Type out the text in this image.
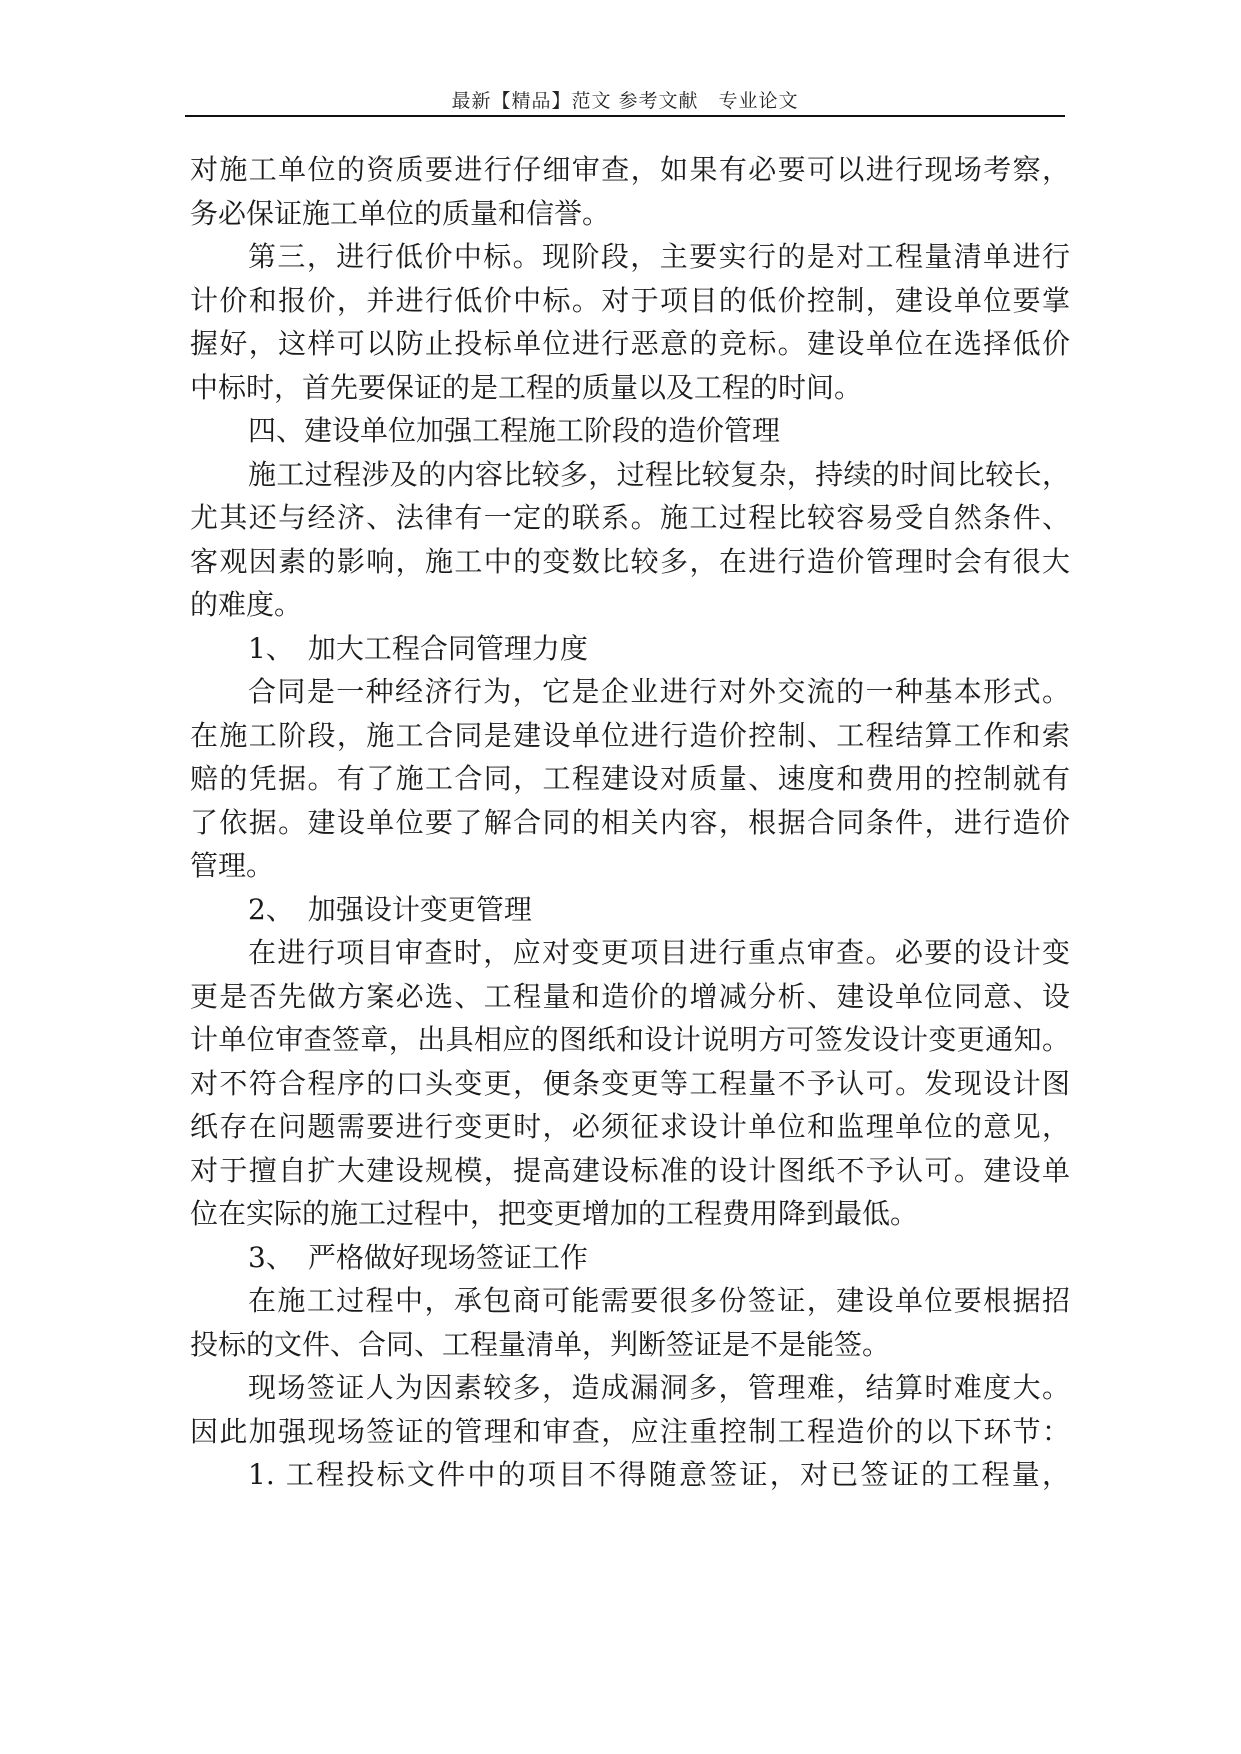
最新【精品】范文 参考文献　专业论文
对施工单位的资质要进行仔细审查，如果有必要可以进行现场考察，
务必保证施工单位的质量和信誉。
第三，进行低价中标。现阶段，主要实行的是对工程量清单进行
计价和报价，并进行低价中标。对于项目的低价控制，建设单位要掌
握好，这样可以防止投标单位进行恶意的竞标。建设单位在选择低价
中标时，首先要保证的是工程的质量以及工程的时间。
四、建设单位加强工程施工阶段的造价管理
施工过程涉及的内容比较多，过程比较复杂，持续的时间比较长，
尤其还与经济、法律有一定的联系。施工过程比较容易受自然条件、
客观因素的影响，施工中的变数比较多，在进行造价管理时会有很大
的难度。
1、　加大工程合同管理力度
合同是一种经济行为，它是企业进行对外交流的一种基本形式。
在施工阶段，施工合同是建设单位进行造价控制、工程结算工作和索
赔的凭据。有了施工合同，工程建设对质量、速度和费用的控制就有
了依据。建设单位要了解合同的相关内容，根据合同条件，进行造价
管理。
2、　加强设计变更管理
在进行项目审查时，应对变更项目进行重点审查。必要的设计变
更是否先做方案必选、工程量和造价的增减分析、建设单位同意、设
计单位审查签章，出具相应的图纸和设计说明方可签发设计变更通知。
对不符合程序的口头变更，便条变更等工程量不予认可。发现设计图
纸存在问题需要进行变更时，必须征求设计单位和监理单位的意见，
对于擅自扩大建设规模，提高建设标准的设计图纸不予认可。建设单
位在实际的施工过程中，把变更增加的工程费用降到最低。
3、　严格做好现场签证工作
在施工过程中，承包商可能需要很多份签证，建设单位要根据招
投标的文件、合同、工程量清单，判断签证是不是能签。
现场签证人为因素较多，造成漏洞多，管理难，结算时难度大。
因此加强现场签证的管理和审查，应注重控制工程造价的以下环节：
1. 工程投标文件中的项目不得随意签证，对已签证的工程量，
